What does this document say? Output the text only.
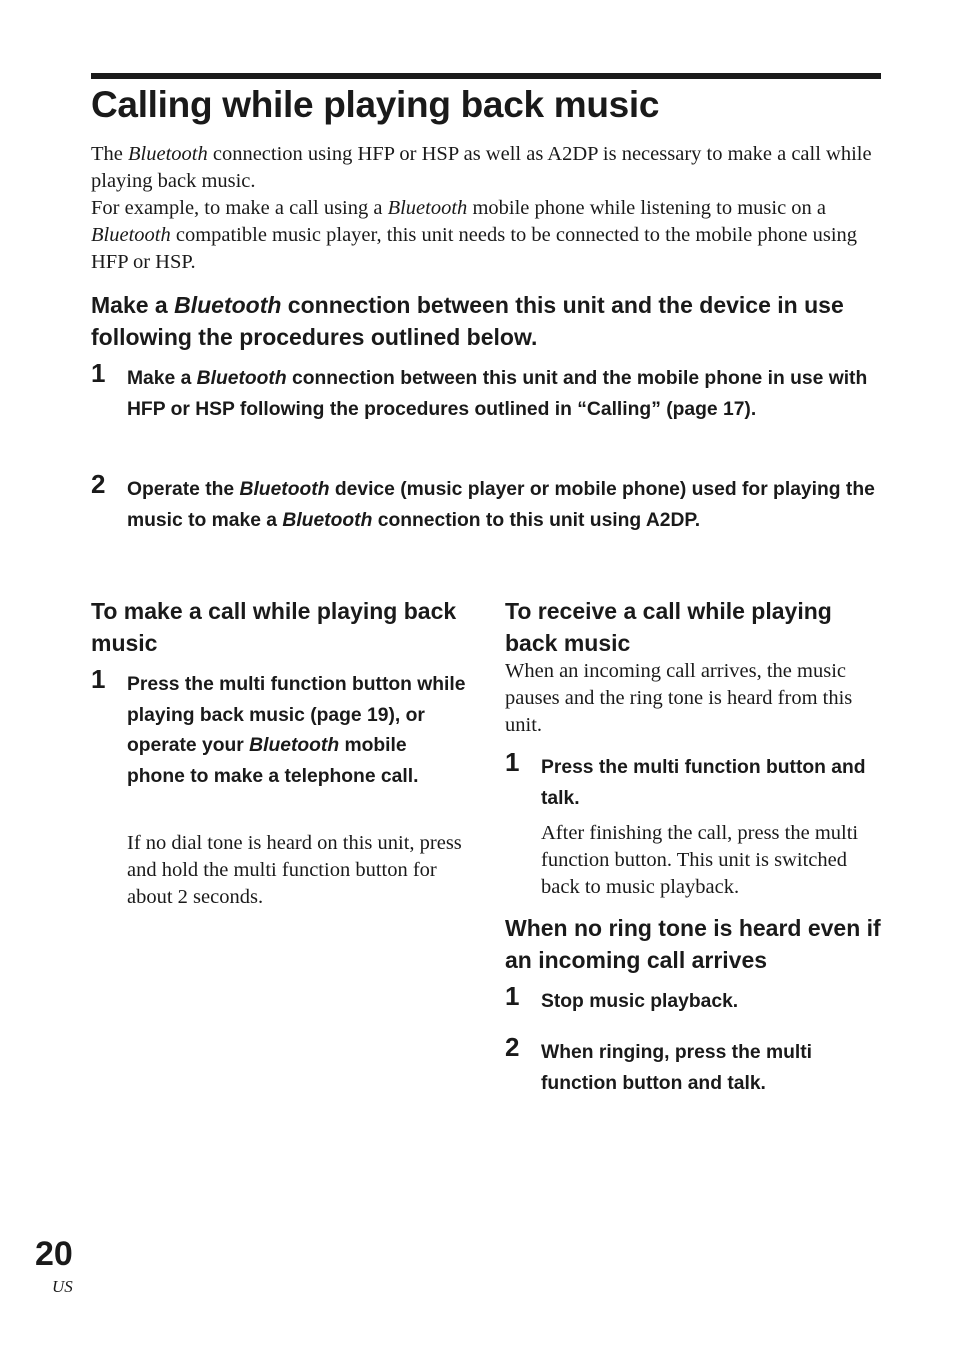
Calling while playing back music

The Bluetooth connection using HFP or HSP as well as A2DP is necessary to make a call while playing back music.

For example, to make a call using a Bluetooth mobile phone while listening to music on a Bluetooth compatible music player, this unit needs to be connected to the mobile phone using HFP or HSP.

Make a Bluetooth connection between this unit and the device in use following the procedures outlined below.
1 Make a Bluetooth connection between this unit and the mobile phone in use with HFP or HSP following the procedures outlined in “Calling” (page 17).
2 Operate the Bluetooth device (music player or mobile phone) used for playing the music to make a Bluetooth connection to this unit using A2DP.
To make a call while playing back music
1 Press the multi function button while playing back music (page 19), or operate your Bluetooth mobile phone to make a telephone call.

If no dial tone is heard on this unit, press and hold the multi function button for about 2 seconds.

To receive a call while playing back music

When an incoming call arrives, the music pauses and the ring tone is heard from this unit.

1 Press the multi function button and talk.

After finishing the call, press the multi function button. This unit is switched back to music playback.

When no ring tone is heard even if an incoming call arrives
1 Stop music playback.
2 When ringing, press the multi function button and talk.
20
US
